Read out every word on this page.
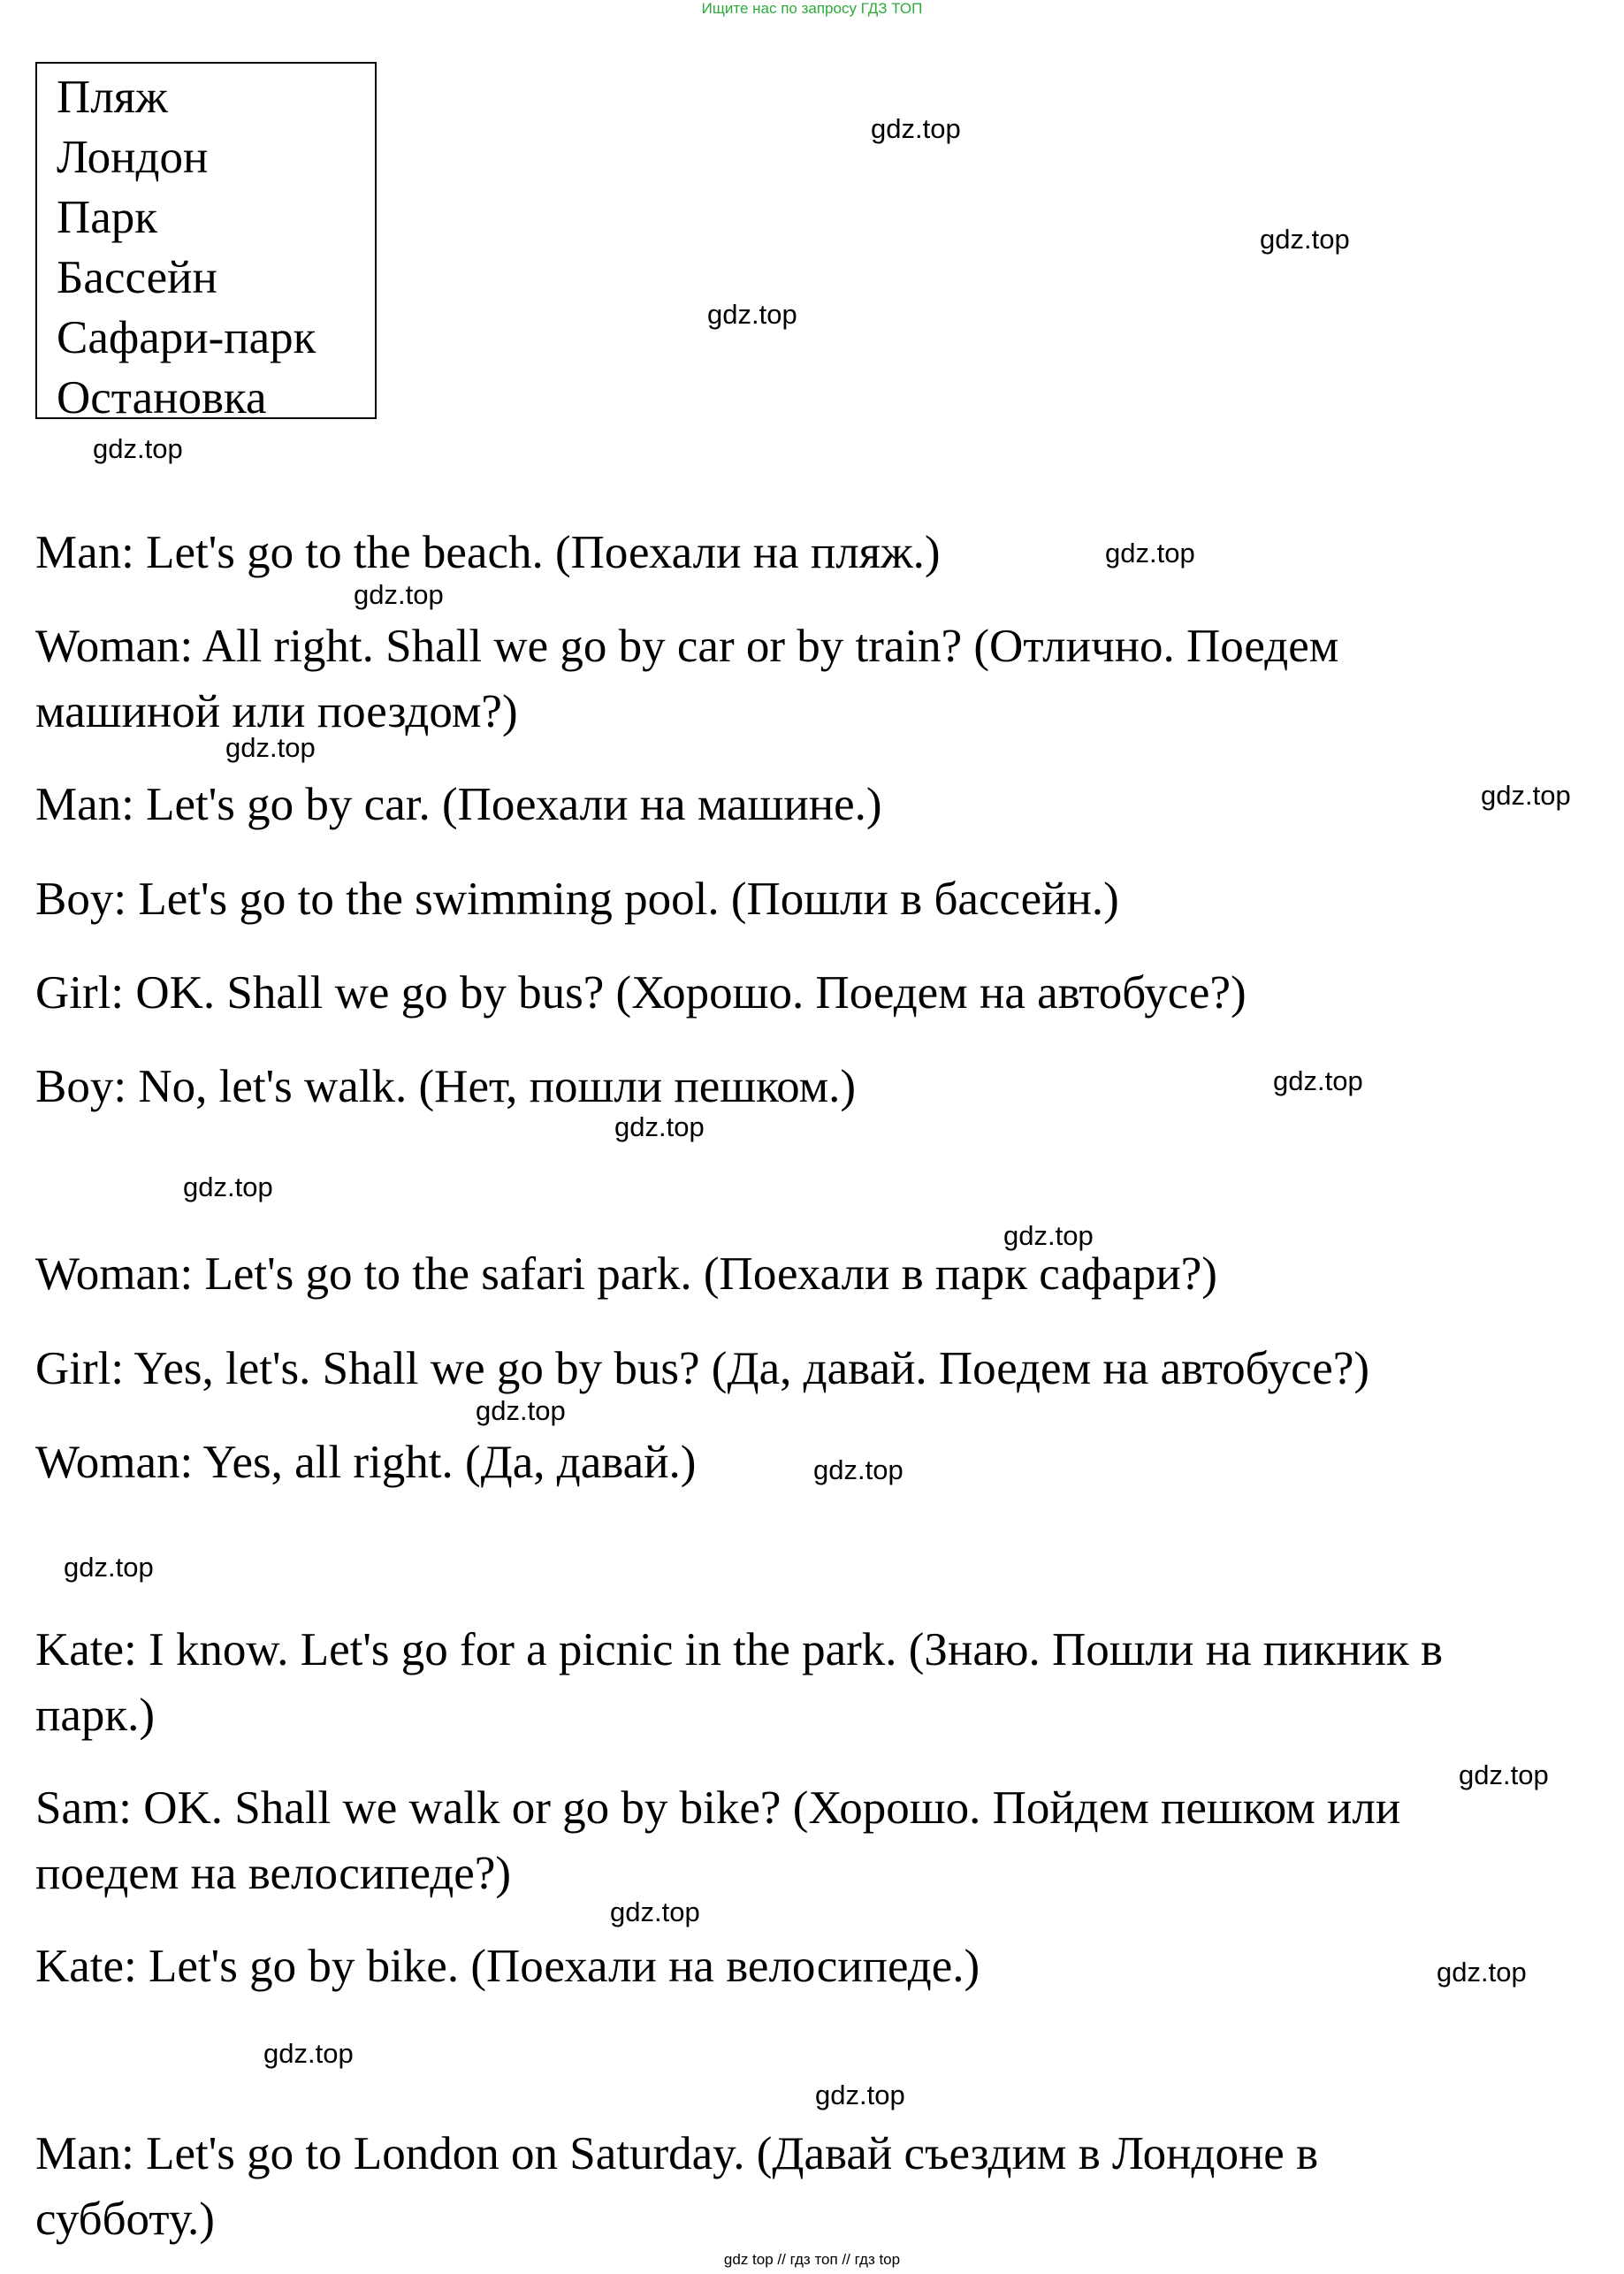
Ищите нас по запросу ГДЗ ТОП
Пляж
Лондон
Парк
Бассейн
Сафари-парк
Остановка
Man: Let's go to the beach. (Поехали на пляж.)
Woman: All right. Shall we go by car or by train? (Отлично. Поедем
машиной или поездом?)
Man: Let's go by car. (Поехали на машине.)
Boy: Let's go to the swimming pool. (Пошли в бассейн.)
Girl: OK. Shall we go by bus? (Хорошо. Поедем на автобусе?)
Boy: No, let's walk. (Нет, пошли пешком.)
Woman: Let's go to the safari park. (Поехали в парк сафари?)
Girl: Yes, let's. Shall we go by bus? (Да, давай. Поедем на автобусе?)
Woman: Yes, all right. (Да, давай.)
Kate: I know. Let's go for a picnic in the park. (Знаю. Пошли на пикник в
парк.)
Sam: OK. Shall we walk or go by bike? (Хорошо. Пойдем пешком или
поедем на велосипеде?)
Kate: Let's go by bike. (Поехали на велосипеде.)
Man: Let's go to London on Saturday. (Давай съездим в Лондоне в
субботу.)
gdz.top
gdz.top
gdz.top
gdz.top
gdz.top
gdz.top
gdz.top
gdz.top
gdz.top
gdz.top
gdz.top
gdz.top
gdz.top
gdz.top
gdz.top
gdz.top
gdz.top
gdz.top
gdz.top
gdz.top
gdz top // гдз топ // гдз top
